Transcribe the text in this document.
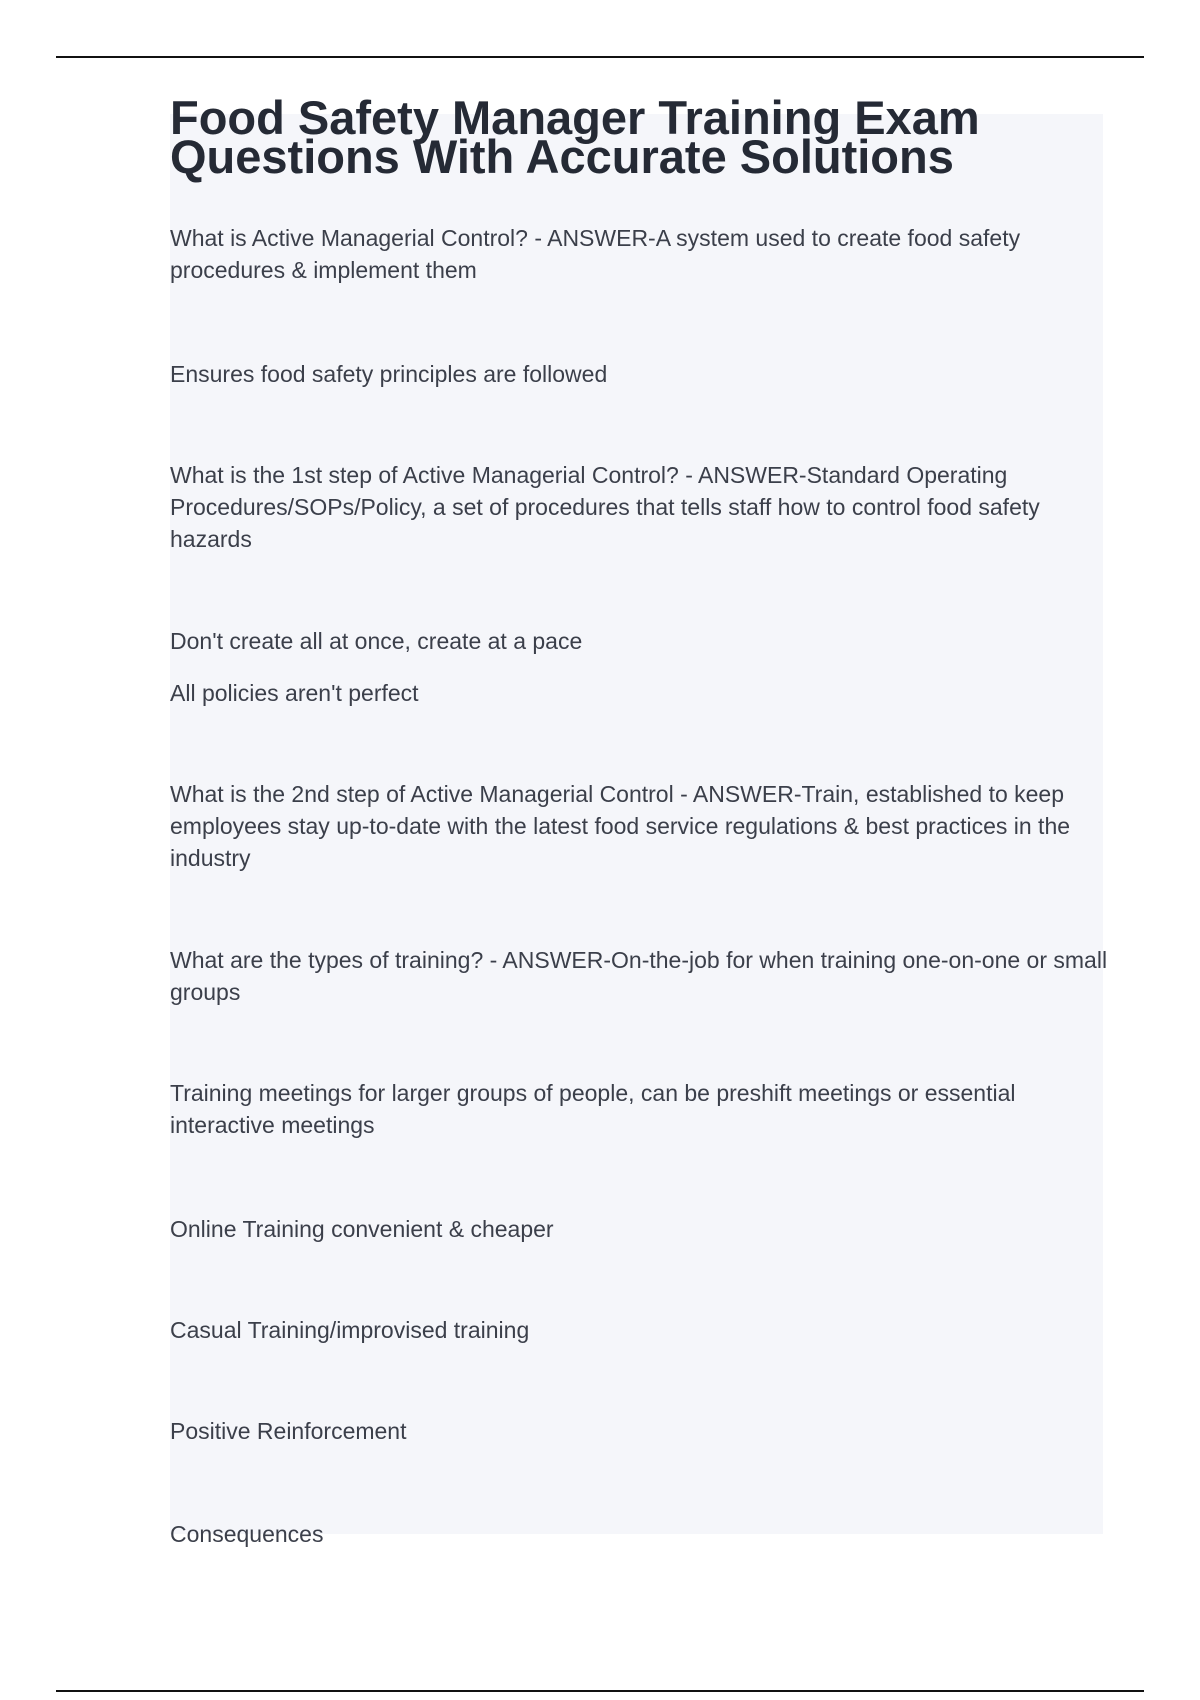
Food Safety Manager Training Exam Questions With Accurate Solutions

What is Active Managerial Control? - ANSWER-A system used to create food safety procedures & implement them

Ensures food safety principles are followed

What is the 1st step of Active Managerial Control? - ANSWER-Standard Operating Procedures/SOPs/Policy, a set of procedures that tells staff how to control food safety hazards

Don't create all at once, create at a pace

All policies aren't perfect

What is the 2nd step of Active Managerial Control - ANSWER-Train, established to keep employees stay up-to-date with the latest food service regulations & best practices in the industry

What are the types of training? - ANSWER-On-the-job for when training one-on-one or small groups

Training meetings for larger groups of people, can be preshift meetings or essential interactive meetings

Online Training convenient & cheaper

Casual Training/improvised training

Positive Reinforcement

Consequences
